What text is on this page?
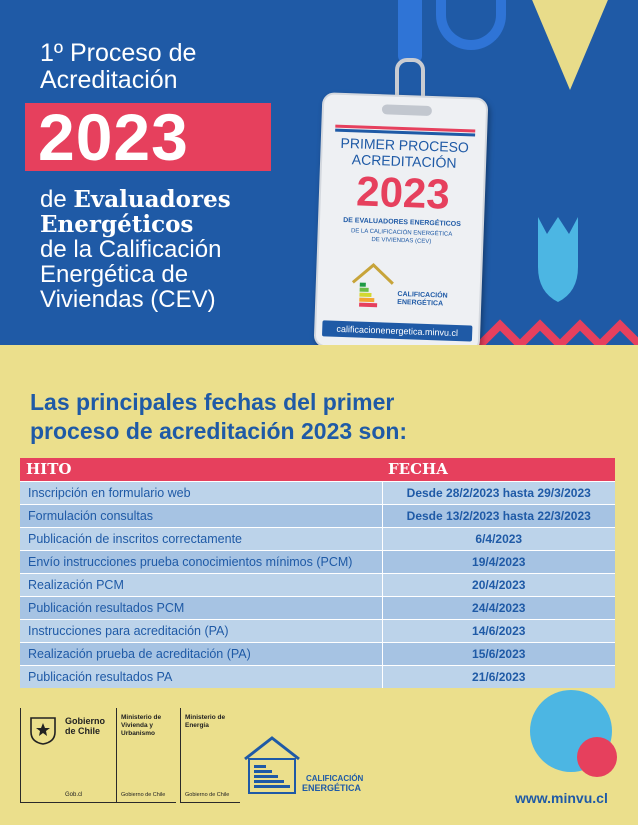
1º Proceso de
Acreditación
2023
de Evaluadores
Energéticos
de la Calificación
Energética de
Viviendas (CEV)
PRIMER PROCESO
ACREDITACIÓN
2023
DE EVALUADORES ENERGÉTICOS
DE LA CALIFICACIÓN ENERGÉTICA
DE VIVIENDAS (CEV)
CALIFICACIÓN
ENERGÉTICA
calificacionenergetica.minvu.cl
Las principales fechas del primer
proceso de acreditación 2023 son:
HITO	FECHA
Inscripción en formulario web	Desde 28/2/2023 hasta 29/3/2023
Formulación consultas	Desde 13/2/2023 hasta 22/3/2023
Publicación de inscritos correctamente	6/4/2023
Envío instrucciones prueba conocimientos mínimos (PCM)	19/4/2023
Realización PCM	20/4/2023
Publicación resultados PCM	24/4/2023
Instrucciones para acreditación (PA)	14/6/2023
Realización prueba de acreditación (PA)	15/6/2023
Publicación resultados PA	21/6/2023
Gobierno
de Chile
Gob.cl
Ministerio de
Vivienda y
Urbanismo
Gobierno de Chile
Ministerio de
Energía
Gobierno de Chile
CALIFICACIÓN
ENERGÉTICA
www.minvu.cl
